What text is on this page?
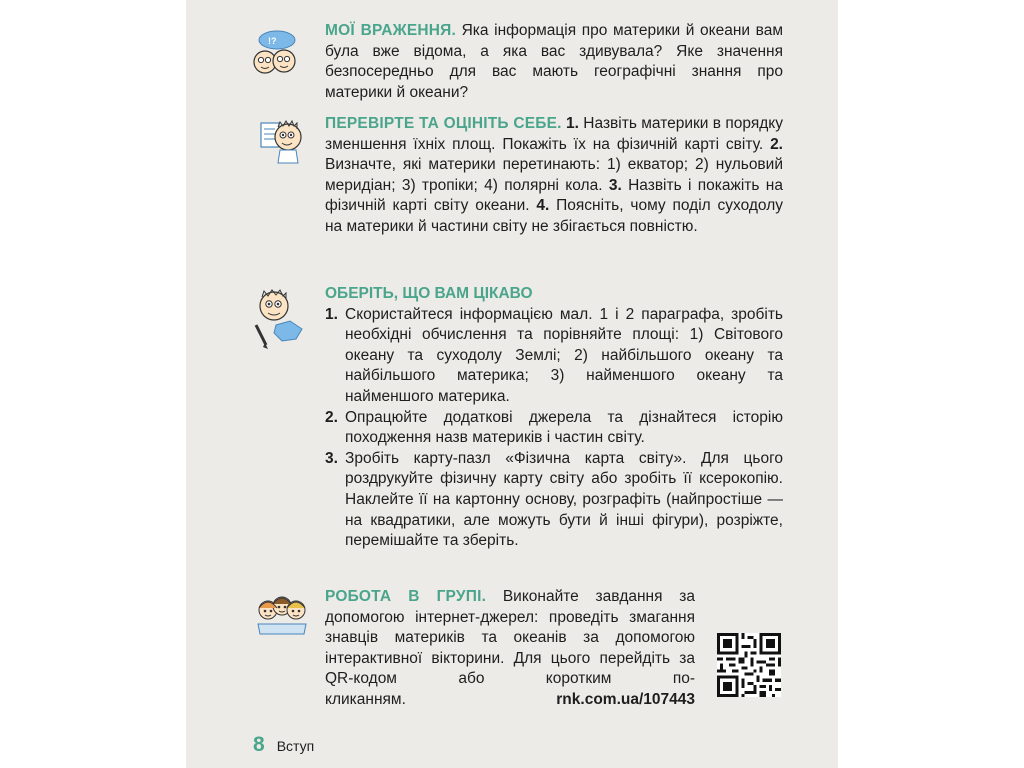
!?

МОЇ ВРАЖЕННЯ. Яка інформація про материки й океани вам була вже відома, а яка вас здивувала? Яке значення безпосередньо для вас мають географічні знання про материки й океани?

ПЕРЕВІРТЕ ТА ОЦІНІТЬ СЕБЕ. 1. Назвіть материки в порядку зменшення їхніх площ. Покажіть їх на фізичній карті світу. 2. Визначте, які материки перетинають: 1) екватор; 2) нульовий меридіан; 3) тропіки; 4) полярні кола. 3. Назвіть і покажіть на фізичній карті світу океани. 4. Поясніть, чому поділ суходолу на материки й частини світу не збігається повністю.

ОБЕРІТЬ, ЩО ВАМ ЦІКАВО

1. Скористайтеся інформацією мал. 1 і 2 параграфа, зробіть необхідні обчислення та порівняйте площі: 1) Світового океану та суходолу Землі; 2) найбільшого океану та найбільшого материка; 3) найменшого океану та найменшого материка.
2. Опрацюйте додаткові джерела та дізнайтеся історію походження назв материків і частин світу.
3. Зробіть карту-пазл «Фізична карта світу». Для цього роздрукуйте фізичну карту світу або зробіть її ксерокопію. Наклейте її на картонну основу, розграфіть (найпростіше — на квадратики, але можуть бути й інші фігури), розріжте, перемішайте та зберіть.

РОБОТА В ГРУПІ. Виконайте завдання за допомогою інтернет-джерел: проведіть змагання знавців материків та океанів за допомогою інтерактивної вікторини. Для цього перейдіть за QR-кодом або коротким по-

кликанням.	rnk.com.ua/107443
8 Вступ
